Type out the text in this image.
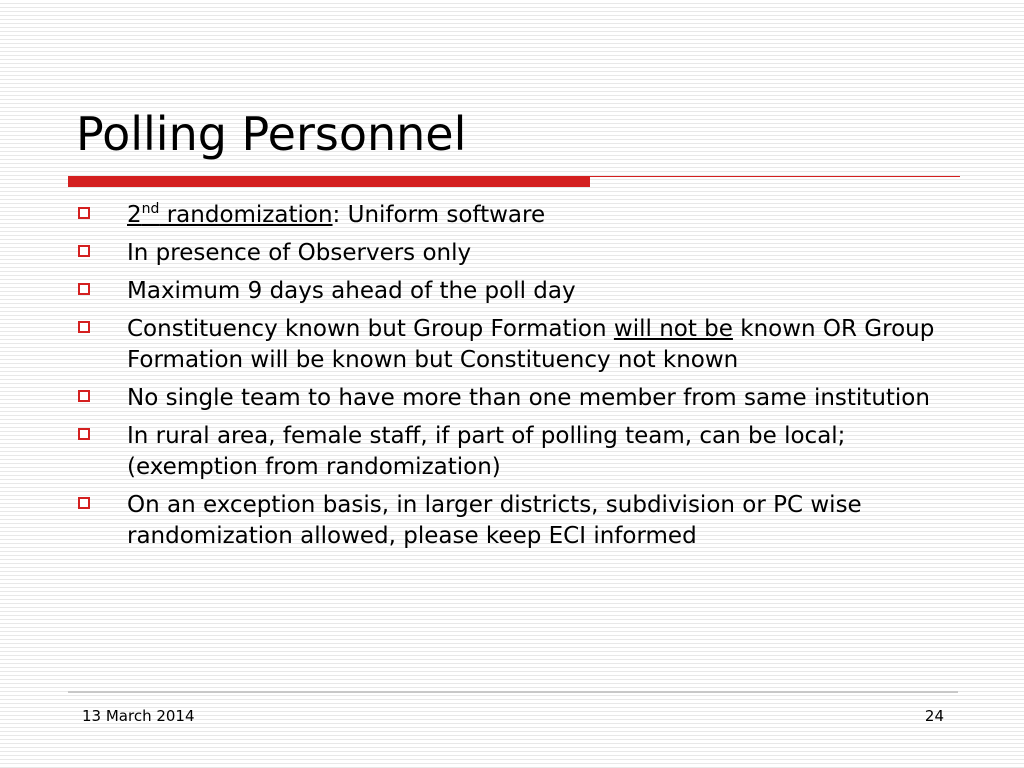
Polling Personnel
2nd randomization: Uniform software
In presence of Observers only
Maximum 9 days ahead of the poll day
Constituency known but Group Formation will not be known OR Group Formation will be known but Constituency not known
No single team to have more than one member from same institution
In rural area, female staff, if part of polling team, can be local; (exemption from randomization)
On an exception basis, in larger districts, subdivision or PC wise randomization allowed, please keep ECI informed
13 March 2014	24
